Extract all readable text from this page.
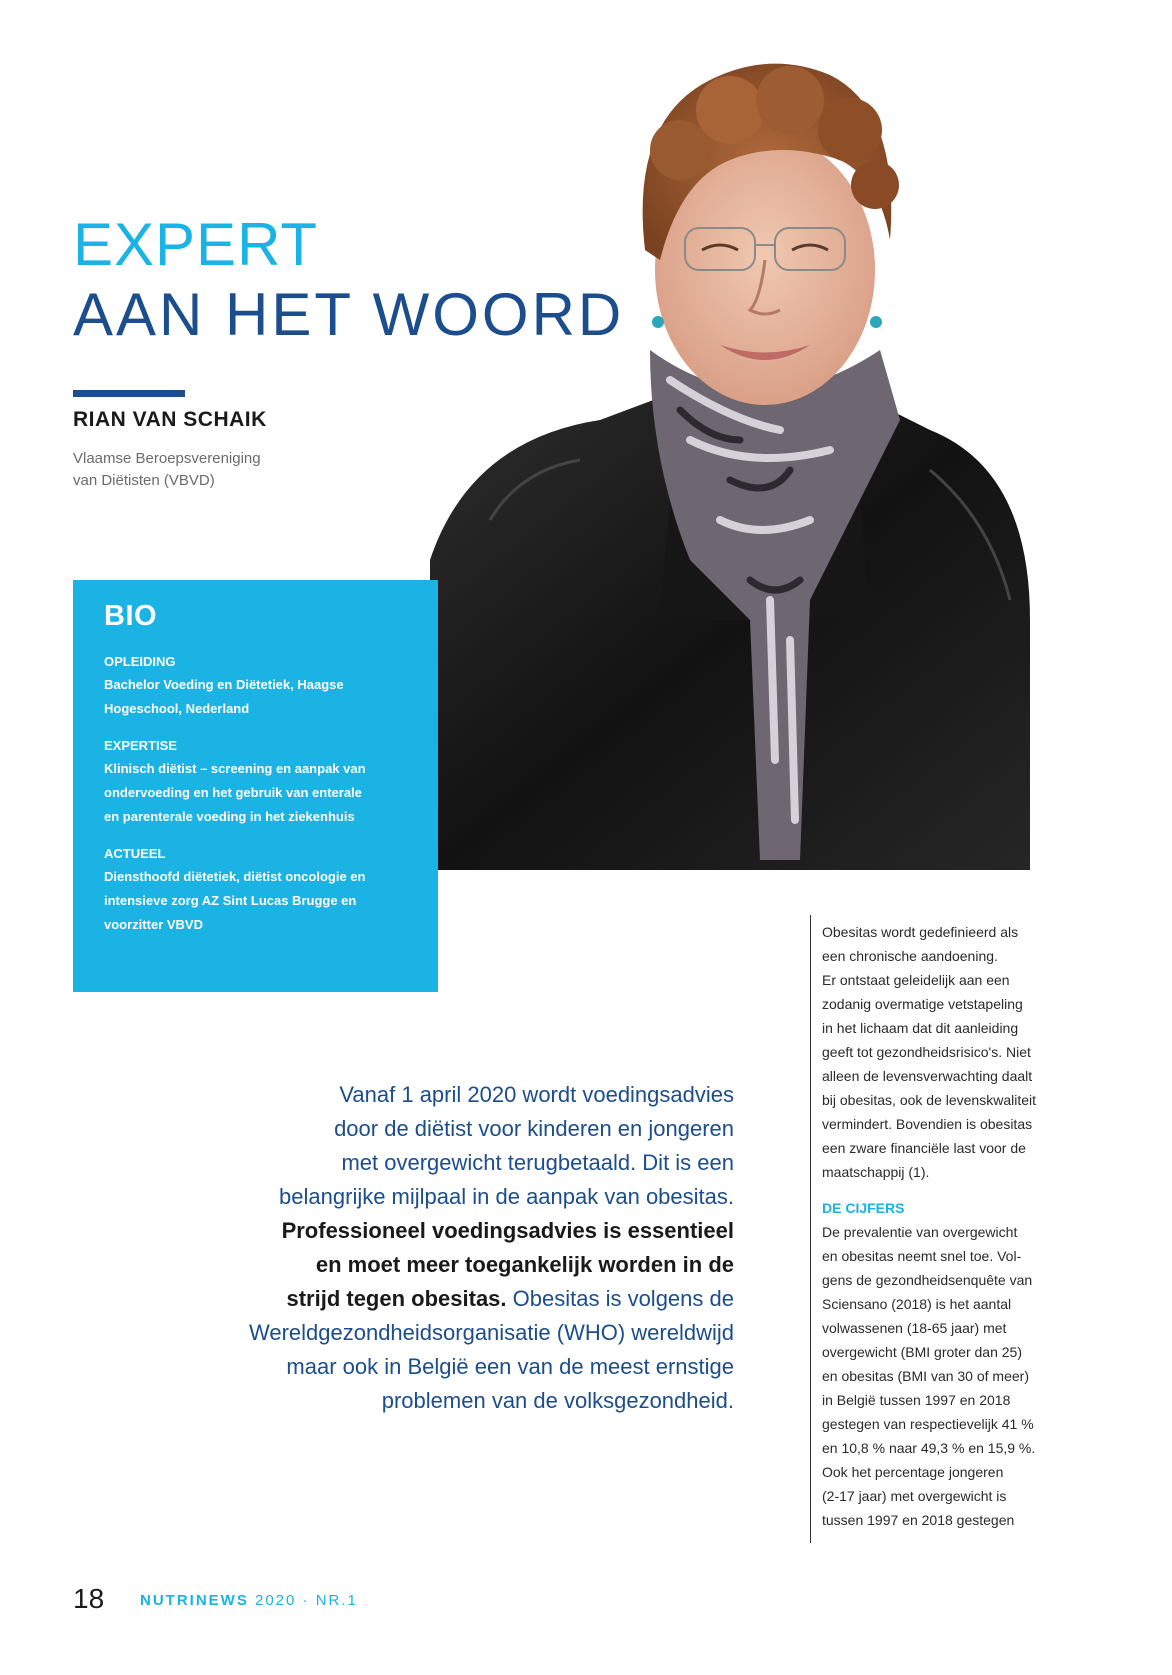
EXPERT
AAN HET WOORD
RIAN VAN SCHAIK
Vlaamse Beroepsvereniging
van Diëtisten (VBVD)
BIO
OPLEIDING
Bachelor Voeding en Diëtetiek, Haagse
Hogeschool, Nederland
EXPERTISE
Klinisch diëtist – screening en aanpak van
ondervoeding en het gebruik van enterale
en parenterale voeding in het ziekenhuis
ACTUEEL
Diensthoofd diëtetiek, diëtist oncologie en
intensieve zorg AZ Sint Lucas Brugge en
voorzitter VBVD
Vanaf 1 april 2020 wordt voedingsadvies
door de diëtist voor kinderen en jongeren
met overgewicht terugbetaald. Dit is een
belangrijke mijlpaal in de aanpak van obesitas.
Professioneel voedingsadvies is essentieel
en moet meer toegankelijk worden in de
strijd tegen obesitas. Obesitas is volgens de
Wereldgezondheidsorganisatie (WHO) wereldwijd
maar ook in België een van de meest ernstige
problemen van de volksgezondheid.

Obesitas wordt gedefinieerd als

een chronische aandoening.

Er ontstaat geleidelijk aan een

zodanig overmatige vetstapeling

in het lichaam dat dit aanleiding

geeft tot gezondheidsrisico's. Niet

alleen de levensverwachting daalt

bij obesitas, ook de levenskwaliteit

vermindert. Bovendien is obesitas

een zware financiële last voor de

maatschappij (1).

DE CIJFERS

De prevalentie van overgewicht

en obesitas neemt snel toe. Vol-

gens de gezondheidsenquête van

Sciensano (2018) is het aantal

volwassenen (18-65 jaar) met

overgewicht (BMI groter dan 25)

en obesitas (BMI van 30 of meer)

in België tussen 1997 en 2018

gestegen van respectievelijk 41 %

en 10,8 % naar 49,3 % en 15,9 %.

Ook het percentage jongeren

(2-17 jaar) met overgewicht is

tussen 1997 en 2018 gestegen

18 NUTRINEWS 2020 · NR.1
